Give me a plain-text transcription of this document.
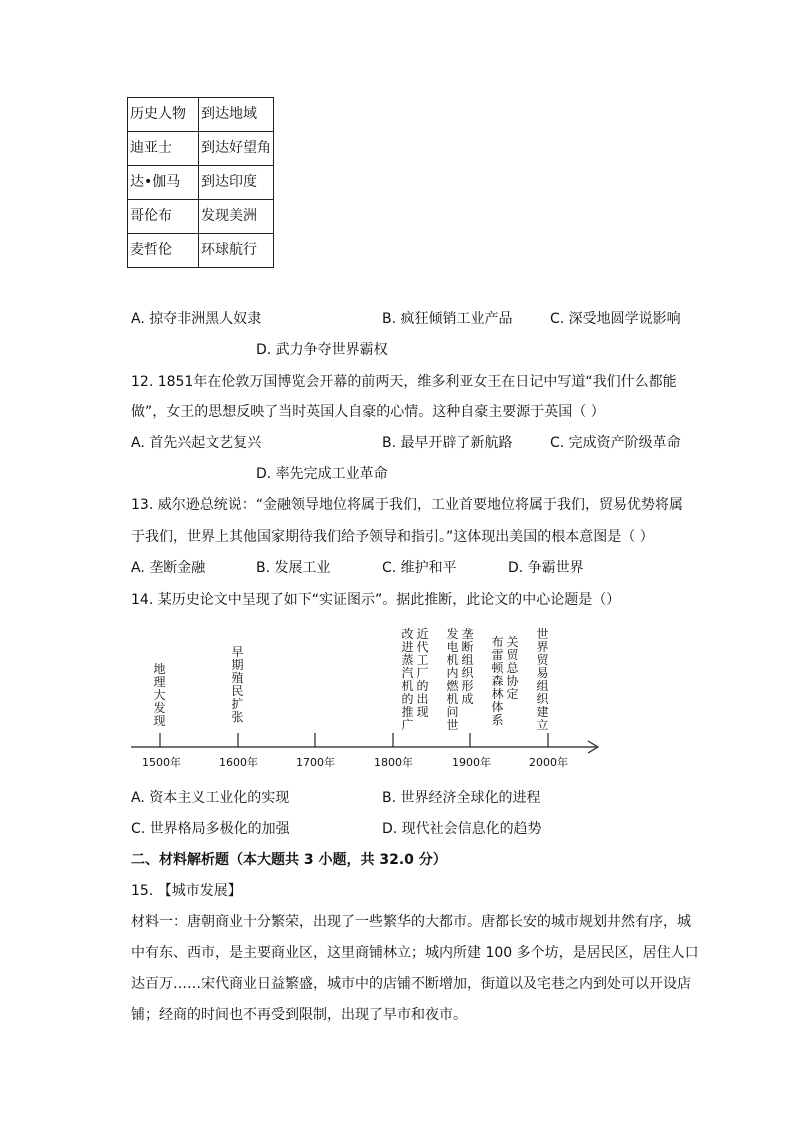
历史人物	到达地域
迪亚士	到达好望角
达•伽马	到达印度
哥伦布	发现美洲
麦哲伦	环球航行
A. 掠夺非洲黑人奴隶	B. 疯狂倾销工业产品	C. 深受地圆学说影响
D. 武力争夺世界霸权
12. 1851年在伦敦万国博览会开幕的前两天，维多利亚女王在日记中写道“我们什么都能
做”，女王的思想反映了当时英国人自豪的心情。这种自豪主要源于英国（ ）
A. 首先兴起文艺复兴	B. 最早开辟了新航路	C. 完成资产阶级革命
D. 率先完成工业革命
13. 威尔逊总统说：“金融领导地位将属于我们，工业首要地位将属于我们，贸易优势将属
于我们，世界上其他国家期待我们给予领导和指引。”这体现出美国的根本意图是（ ）
A. 垄断金融	B. 发展工业	C. 维护和平	D. 争霸世界
14. 某历史论文中呈现了如下“实证图示”。据此推断，此论文的中心论题是（）
1500年	1600年	1700年	1800年	1900年	2000年
地理大发现
早期殖民扩张
改进蒸汽机的推广
近代工厂的出现
发电机内燃机问世
垄断组织形成
布雷顿森林体系
关贸总协定
世界贸易组织建立
A. 资本主义工业化的实现	B. 世界经济全球化的进程
C. 世界格局多极化的加强	D. 现代社会信息化的趋势
二、材料解析题（本大题共 3 小题，共 32.0 分）
15. 【城市发展】
材料一：唐朝商业十分繁荣，出现了一些繁华的大都市。唐都长安的城市规划井然有序，城
中有东、西市，是主要商业区，这里商铺林立；城内所建 100 多个坊，是居民区，居住人口
达百万……宋代商业日益繁盛，城市中的店铺不断增加，街道以及宅巷之内到处可以开设店
铺；经商的时间也不再受到限制，出现了早市和夜市。
